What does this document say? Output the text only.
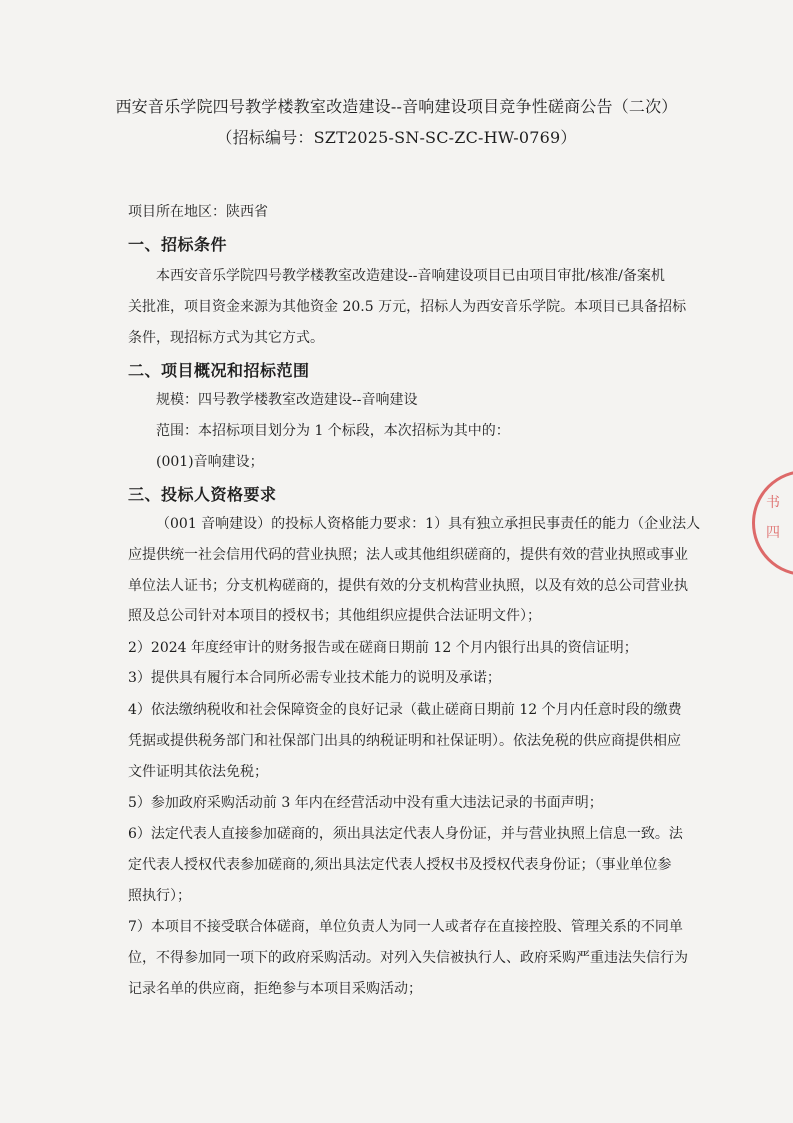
西安音乐学院四号教学楼教室改造建设--音响建设项目竞争性磋商公告（二次）
（招标编号：SZT2025-SN-SC-ZC-HW-0769）
项目所在地区：陕西省
一、招标条件
本西安音乐学院四号教学楼教室改造建设--音响建设项目已由项目审批/核准/备案机
关批准，项目资金来源为其他资金 20.5 万元，招标人为西安音乐学院。本项目已具备招标
条件，现招标方式为其它方式。
二、项目概况和招标范围
规模：四号教学楼教室改造建设--音响建设
范围：本招标项目划分为 1 个标段，本次招标为其中的：
(001)音响建设；
三、投标人资格要求
（001 音响建设）的投标人资格能力要求：1）具有独立承担民事责任的能力（企业法人
应提供统一社会信用代码的营业执照；法人或其他组织磋商的，提供有效的营业执照或事业
单位法人证书；分支机构磋商的，提供有效的分支机构营业执照，以及有效的总公司营业执
照及总公司针对本项目的授权书；其他组织应提供合法证明文件）；
2）2024 年度经审计的财务报告或在磋商日期前 12 个月内银行出具的资信证明；
3）提供具有履行本合同所必需专业技术能力的说明及承诺；
4）依法缴纳税收和社会保障资金的良好记录（截止磋商日期前 12 个月内任意时段的缴费
凭据或提供税务部门和社保部门出具的纳税证明和社保证明）。依法免税的供应商提供相应
文件证明其依法免税；
5）参加政府采购活动前 3 年内在经营活动中没有重大违法记录的书面声明；
6）法定代表人直接参加磋商的，须出具法定代表人身份证，并与营业执照上信息一致。法
定代表人授权代表参加磋商的,须出具法定代表人授权书及授权代表身份证；（事业单位参
照执行）；
7）本项目不接受联合体磋商，单位负责人为同一人或者存在直接控股、管理关系的不同单
位，不得参加同一项下的政府采购活动。对列入失信被执行人、政府采购严重违法失信行为
记录名单的供应商，拒绝参与本项目采购活动；
书 四
